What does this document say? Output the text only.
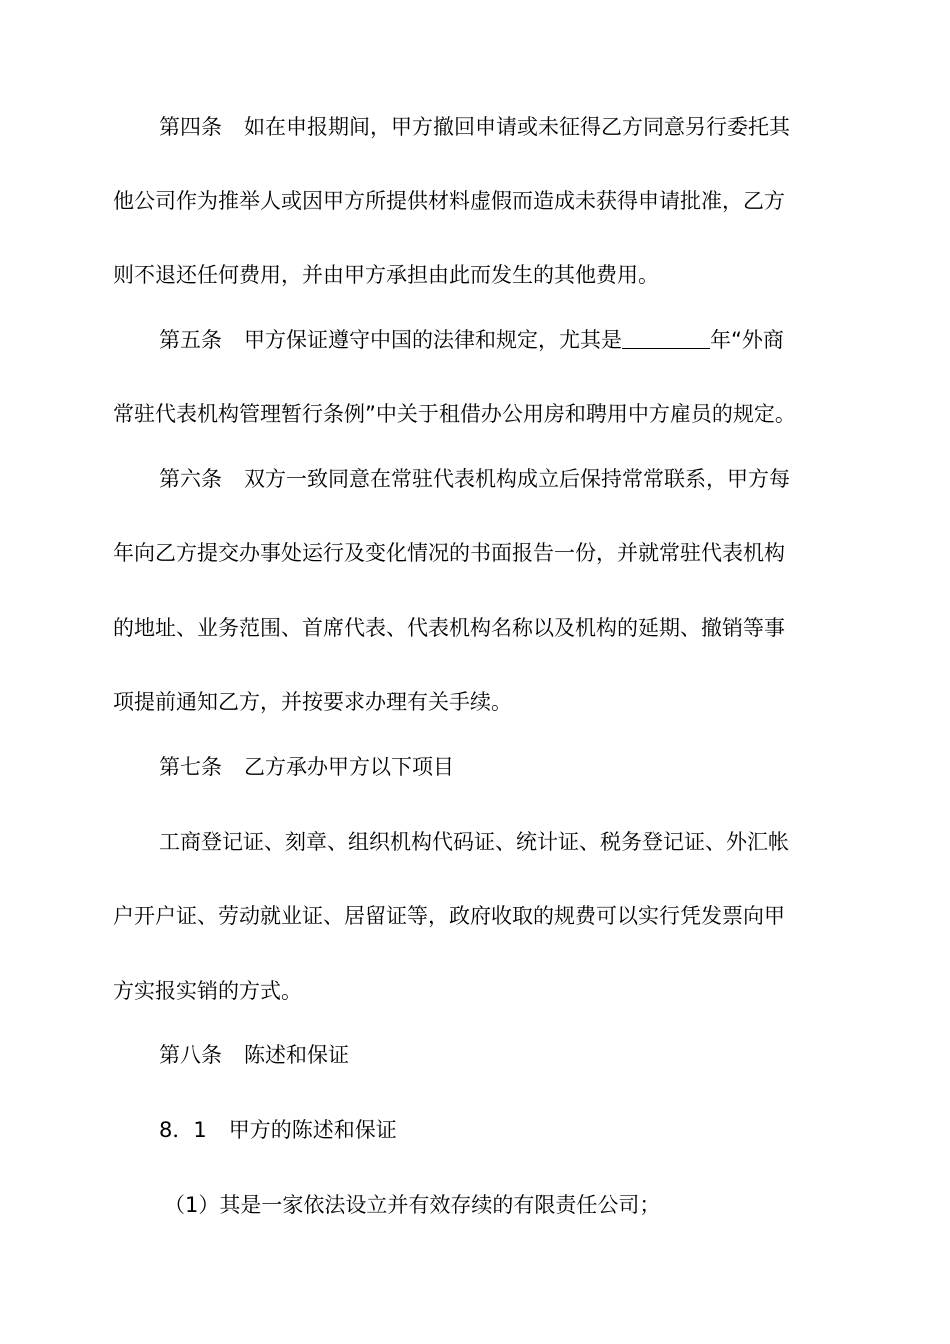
第四条 如在申报期间，甲方撤回申请或未征得乙方同意另行委托其
他公司作为推举人或因甲方所提供材料虚假而造成未获得申请批准，乙方
则不退还任何费用，并由甲方承担由此而发生的其他费用。
第五条 甲方保证遵守中国的法律和规定，尤其是	年“外商
常驻代表机构管理暂行条例”中关于租借办公用房和聘用中方雇员的规定。
第六条 双方一致同意在常驻代表机构成立后保持常常联系，甲方每
年向乙方提交办事处运行及变化情况的书面报告一份，并就常驻代表机构
的地址、业务范围、首席代表、代表机构名称以及机构的延期、撤销等事
项提前通知乙方，并按要求办理有关手续。
第七条 乙方承办甲方以下项目
工商登记证、刻章、组织机构代码证、统计证、税务登记证、外汇帐
户开户证、劳动就业证、居留证等，政府收取的规费可以实行凭发票向甲
方实报实销的方式。
第八条 陈述和保证
8．1 甲方的陈述和保证
（1）其是一家依法设立并有效存续的有限责任公司；
